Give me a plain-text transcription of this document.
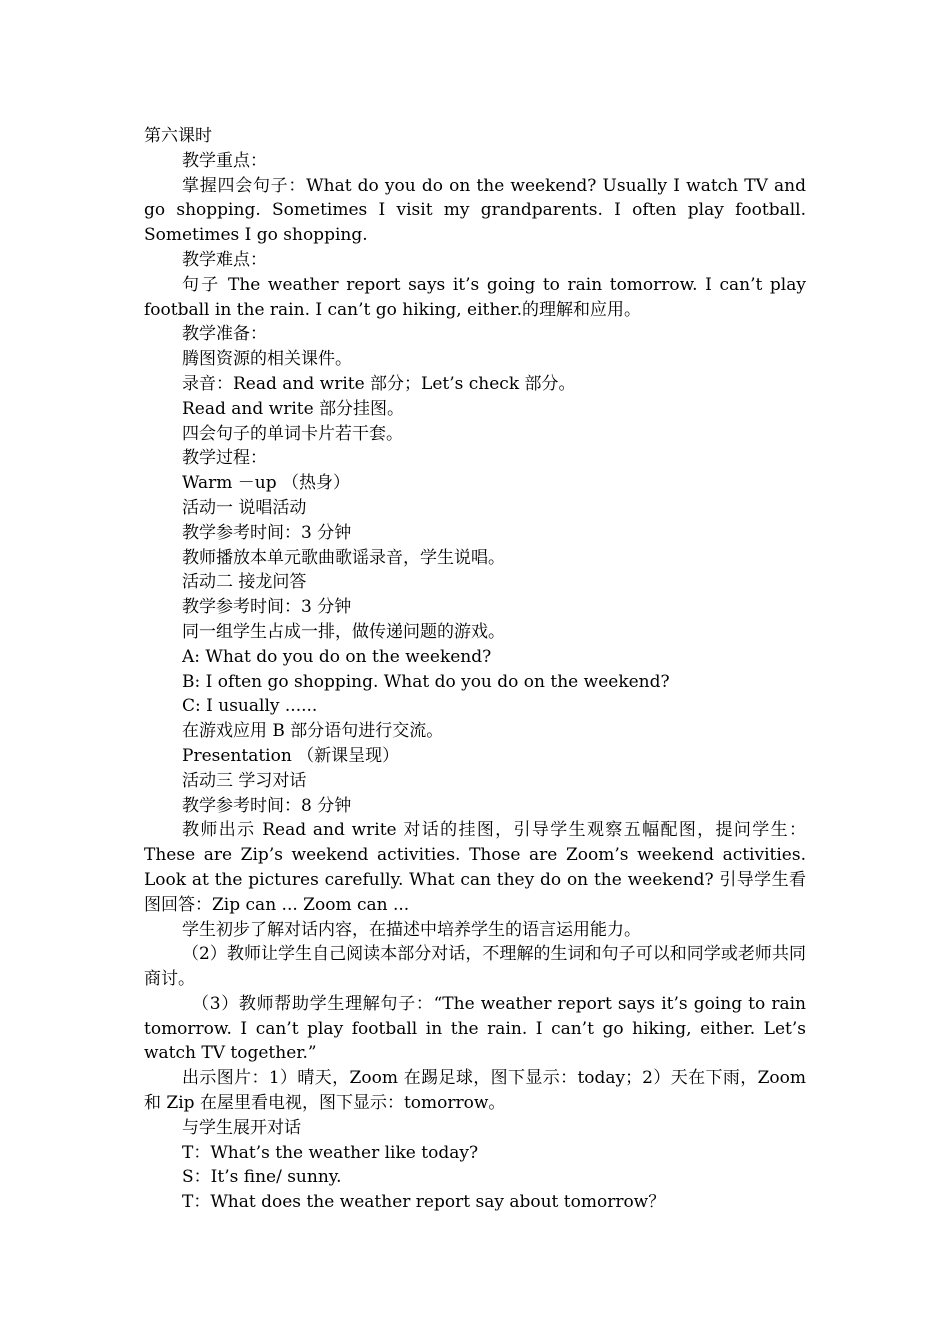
第六课时

教学重点：

掌握四会句子：What do you do on the weekend? Usually I watch TV and go shopping. Sometimes I visit my grandparents. I often play football. Sometimes I go shopping.

教学难点：

句子 The weather report says it’s going to rain tomorrow. I can’t play football in the rain. I can’t go hiking, either.的理解和应用。

教学准备：

腾图资源的相关课件。

录音：Read and write 部分；Let’s check 部分。

Read and write 部分挂图。

四会句子的单词卡片若干套。

教学过程：

Warm －up （热身）

活动一 说唱活动

教学参考时间：3 分钟

教师播放本单元歌曲歌谣录音，学生说唱。

活动二 接龙问答

教学参考时间：3 分钟

同一组学生占成一排，做传递问题的游戏。

A: What do you do on the weekend?

B: I often go shopping. What do you do on the weekend?

C: I usually ......

在游戏应用 B 部分语句进行交流。

Presentation （新课呈现）

活动三 学习对话

教学参考时间：8 分钟

教师出示 Read and write 对话的挂图，引导学生观察五幅配图，提问学生：These are Zip’s weekend activities. Those are Zoom’s weekend activities. Look at the pictures carefully. What can they do on the weekend? 引导学生看图回答：Zip can ... Zoom can ...

学生初步了解对话内容，在描述中培养学生的语言运用能力。

（2）教师让学生自己阅读本部分对话，不理解的生词和句子可以和同学或老师共同商讨。

（3）教师帮助学生理解句子：“The weather report says it’s going to rain tomorrow. I can’t play football in the rain. I can’t go hiking, either. Let’s watch TV together.”

出示图片：1）晴天，Zoom 在踢足球，图下显示：today；2）天在下雨，Zoom 和 Zip 在屋里看电视，图下显示：tomorrow。

与学生展开对话

T：What’s the weather like today?

S：It’s fine/ sunny.

T：What does the weather report say about tomorrow？
